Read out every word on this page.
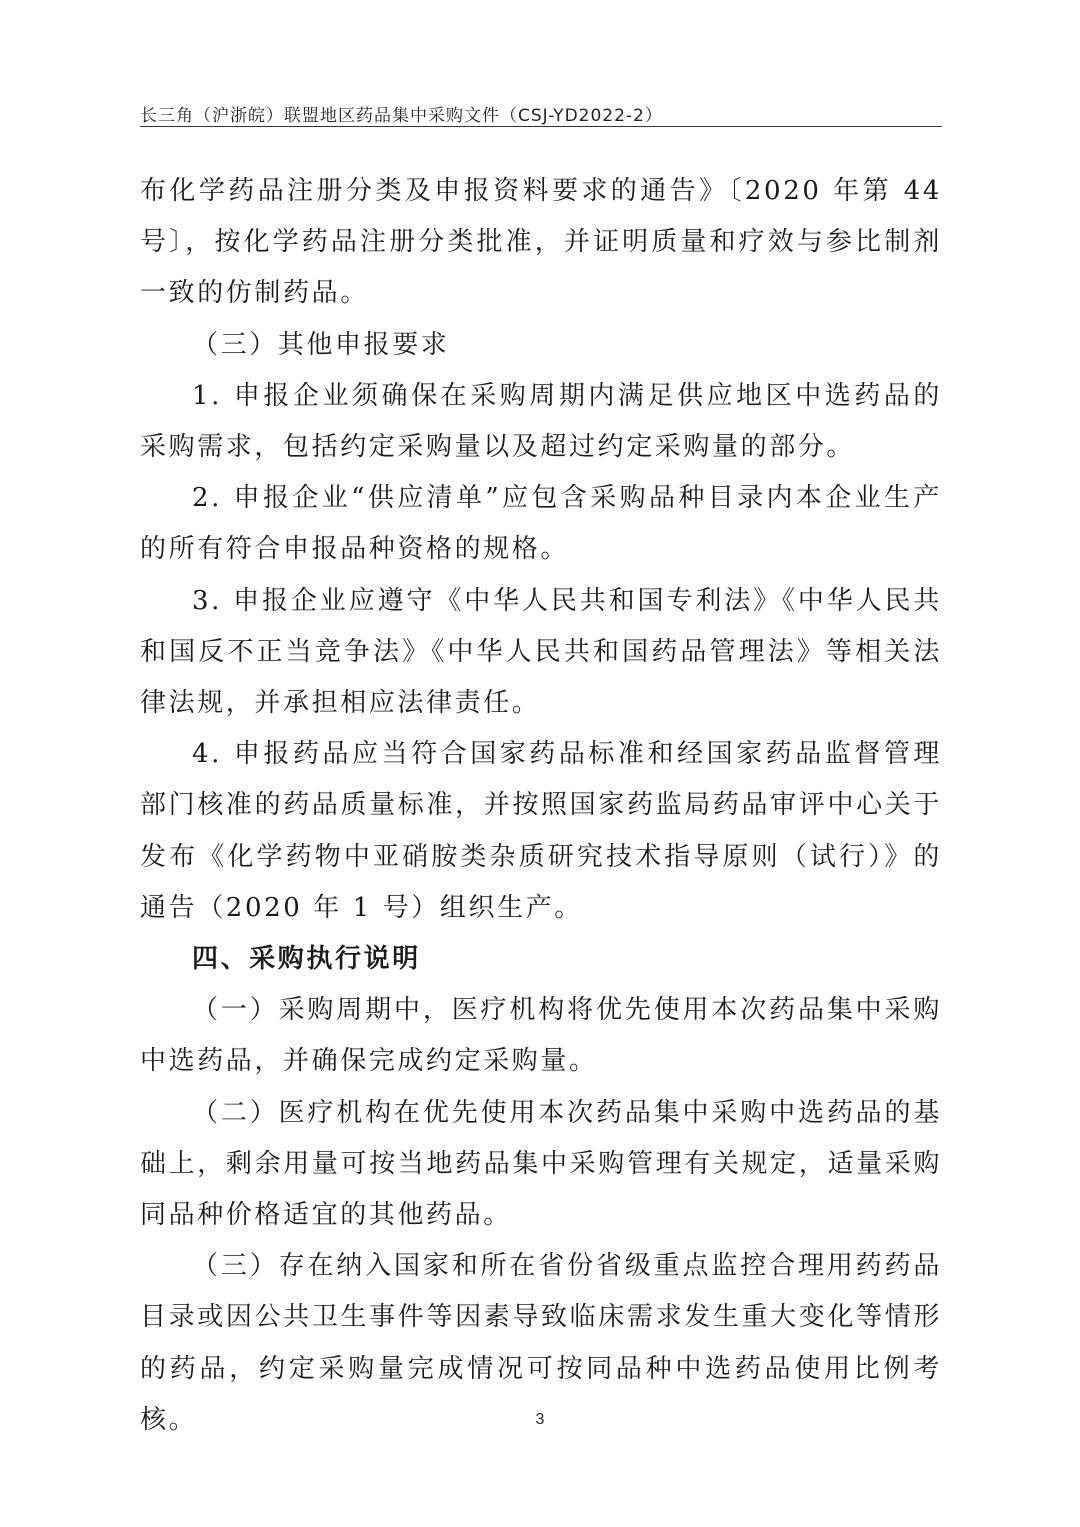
长三角（沪浙皖）联盟地区药品集中采购文件（CSJ-YD2022-2）

布化学药品注册分类及申报资料要求的通告》〔2020 年第 44 号〕，按化学药品注册分类批准，并证明质量和疗效与参比制剂一致的仿制药品。

（三）其他申报要求

1. 申报企业须确保在采购周期内满足供应地区中选药品的采购需求，包括约定采购量以及超过约定采购量的部分。

2. 申报企业“供应清单”应包含采购品种目录内本企业生产的所有符合申报品种资格的规格。

3. 申报企业应遵守《中华人民共和国专利法》《中华人民共和国反不正当竞争法》《中华人民共和国药品管理法》等相关法律法规，并承担相应法律责任。

4. 申报药品应当符合国家药品标准和经国家药品监督管理部门核准的药品质量标准，并按照国家药监局药品审评中心关于发布《化学药物中亚硝胺类杂质研究技术指导原则（试行）》的通告（2020 年 1 号）组织生产。

四、采购执行说明

（一）采购周期中，医疗机构将优先使用本次药品集中采购中选药品，并确保完成约定采购量。

（二）医疗机构在优先使用本次药品集中采购中选药品的基础上，剩余用量可按当地药品集中采购管理有关规定，适量采购同品种价格适宜的其他药品。

（三）存在纳入国家和所在省份省级重点监控合理用药药品目录或因公共卫生事件等因素导致临床需求发生重大变化等情形的药品，约定采购量完成情况可按同品种中选药品使用比例考核。	3
